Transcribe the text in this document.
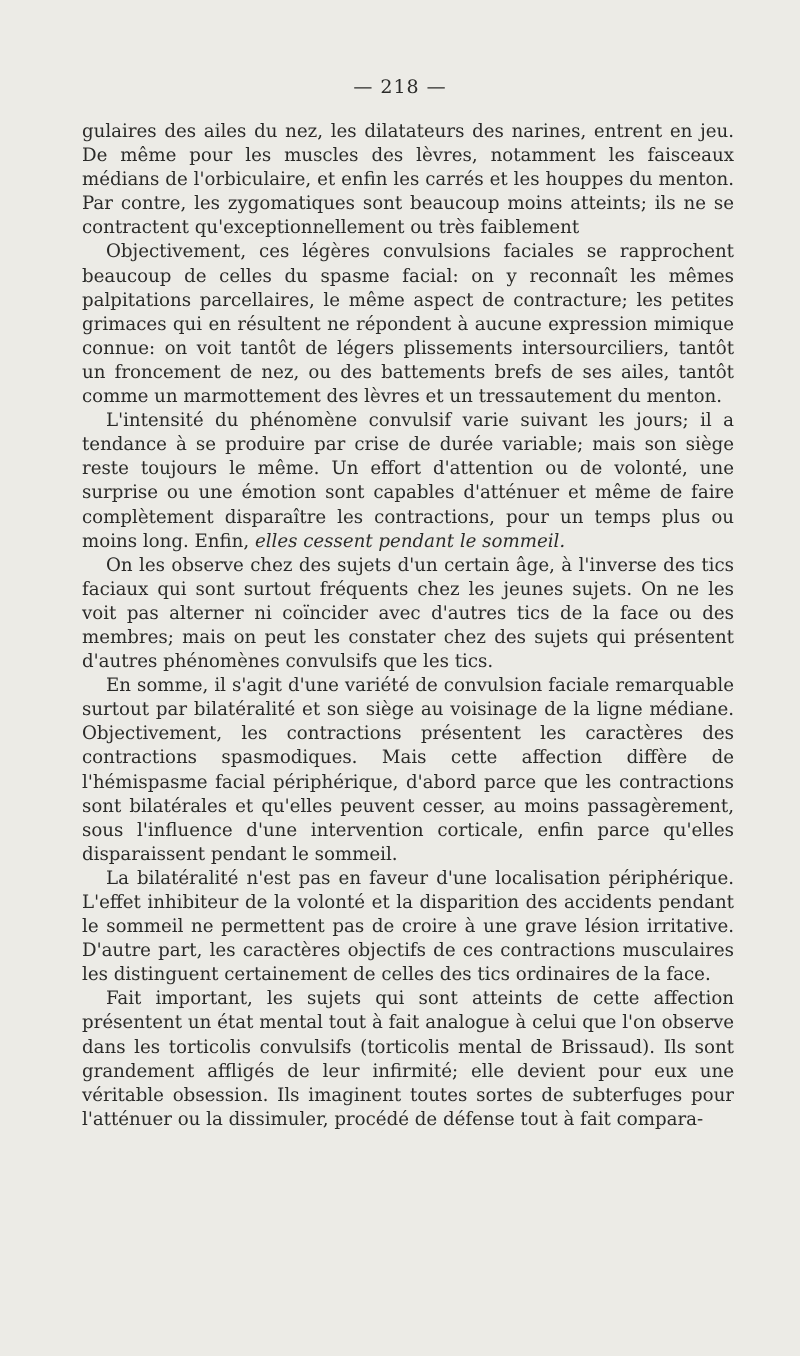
— 218 —

gulaires des ailes du nez, les dilatateurs des narines, entrent en jeu. De même pour les muscles des lèvres, notamment les faisceaux médians de l'orbiculaire, et enfin les carrés et les houppes du menton. Par contre, les zygomatiques sont beaucoup moins atteints; ils ne se contractent qu'exceptionnellement ou très faiblement

Objectivement, ces légères convulsions faciales se rapprochent beaucoup de celles du spasme facial: on y reconnaît les mêmes palpitations parcellaires, le même aspect de contracture; les petites grimaces qui en résultent ne répondent à aucune expression mimique connue: on voit tantôt de légers plissements intersourciliers, tantôt un froncement de nez, ou des battements brefs de ses ailes, tantôt comme un marmottement des lèvres et un tressautement du menton.

L'intensité du phénomène convulsif varie suivant les jours; il a tendance à se produire par crise de durée variable; mais son siège reste toujours le même. Un effort d'attention ou de volonté, une surprise ou une émotion sont capables d'atténuer et même de faire complètement disparaître les contractions, pour un temps plus ou moins long. Enfin, elles cessent pendant le sommeil.

On les observe chez des sujets d'un certain âge, à l'inverse des tics faciaux qui sont surtout fréquents chez les jeunes sujets. On ne les voit pas alterner ni coïncider avec d'autres tics de la face ou des membres; mais on peut les constater chez des sujets qui présentent d'autres phénomènes convulsifs que les tics.

En somme, il s'agit d'une variété de convulsion faciale remarquable surtout par bilatéralité et son siège au voisinage de la ligne médiane. Objectivement, les contractions présentent les caractères des contractions spasmodiques. Mais cette affection diffère de l'hémispasme facial périphérique, d'abord parce que les contractions sont bilatérales et qu'elles peuvent cesser, au moins passagèrement, sous l'influence d'une intervention corticale, enfin parce qu'elles disparaissent pendant le sommeil.

La bilatéralité n'est pas en faveur d'une localisation périphérique. L'effet inhibiteur de la volonté et la disparition des accidents pendant le sommeil ne permettent pas de croire à une grave lésion irritative. D'autre part, les caractères objectifs de ces contractions musculaires les distinguent certainement de celles des tics ordinaires de la face.

Fait important, les sujets qui sont atteints de cette affection présentent un état mental tout à fait analogue à celui que l'on observe dans les torticolis convulsifs (torticolis mental de Brissaud). Ils sont grandement affligés de leur infirmité; elle devient pour eux une véritable obsession. Ils imaginent toutes sortes de subterfuges pour l'atténuer ou la dissimuler, procédé de défense tout à fait compara-
